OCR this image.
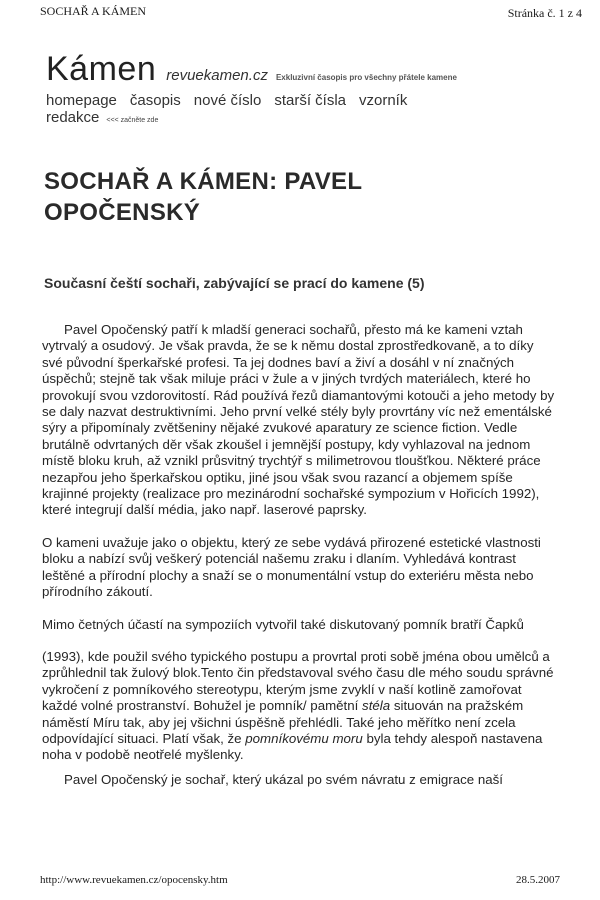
SOCHAŘ A KÁMEN	Stránka č. 1 z 4
Kámen revuekamen.cz Exkluzivní časopis pro všechny přátele kamene
homepage časopis nové číslo starší čísla vzorník
redakce <<< začněte zde
SOCHAŘ A KÁMEN: PAVEL OPOČENSKÝ
Současní čeští sochaři, zabývající se prací do kamene (5)

Pavel Opočenský patří k mladší generaci sochařů, přesto má ke kameni vztah vytrvalý a osudový. Je však pravda, že se k němu dostal zprostředkovaně, a to díky své původní šperkařské profesi. Ta jej dodnes baví a živí a dosáhl v ní značných úspěchů; stejně tak však miluje práci v žule a v jiných tvrdých materiálech, které ho provokují svou vzdorovitostí. Rád používá řezů diamantovými kotouči a jeho metody by se daly nazvat destruktivními. Jeho první velké stély byly provrtány víc než ementálské sýry a připomínaly zvětšeniny nějaké zvukové aparatury ze science fiction. Vedle brutálně odvrtaných děr však zkoušel i jemnější postupy, kdy vyhlazoval na jednom místě bloku kruh, až vznikl průsvitný trychtýř s milimetrovou tloušťkou. Některé práce nezapřou jeho šperkařskou optiku, jiné jsou však svou razancí a objemem spíše krajinné projekty (realizace pro mezinárodní sochařské sympozium v Hořicích 1992), které integrují další média, jako např. laserové paprsky.

O kameni uvažuje jako o objektu, který ze sebe vydává přirozené estetické vlastnosti bloku a nabízí svůj veškerý potenciál našemu zraku i dlaním. Vyhledává kontrast leštěné a přírodní plochy a snaží se o monumentální vstup do exteriéru města nebo přírodního zákoutí.

Mimo četných účastí na sympoziích vytvořil také diskutovaný pomník bratří Čapků

(1993), kde použil svého typického postupu a provrtal proti sobě jména obou umělců a zprůhlednil tak žulový blok.Tento čin představoval svého času dle mého soudu správné vykročení z pomníkového stereotypu, kterým jsme zvyklí v naší kotlině zamořovat každé volné prostranství. Bohužel je pomník/ pamětní stéla situován na pražském náměstí Míru tak, aby jej všichni úspěšně přehlédli. Také jeho měřítko není zcela odpovídající situaci. Platí však, že pomníkovému moru byla tehdy alespoň nastavena noha v podobě neotřelé myšlenky.

Pavel Opočenský je sochař, který ukázal po svém návratu z emigrace naší

http://www.revuekamen.cz/opocensky.htm	28.5.2007
